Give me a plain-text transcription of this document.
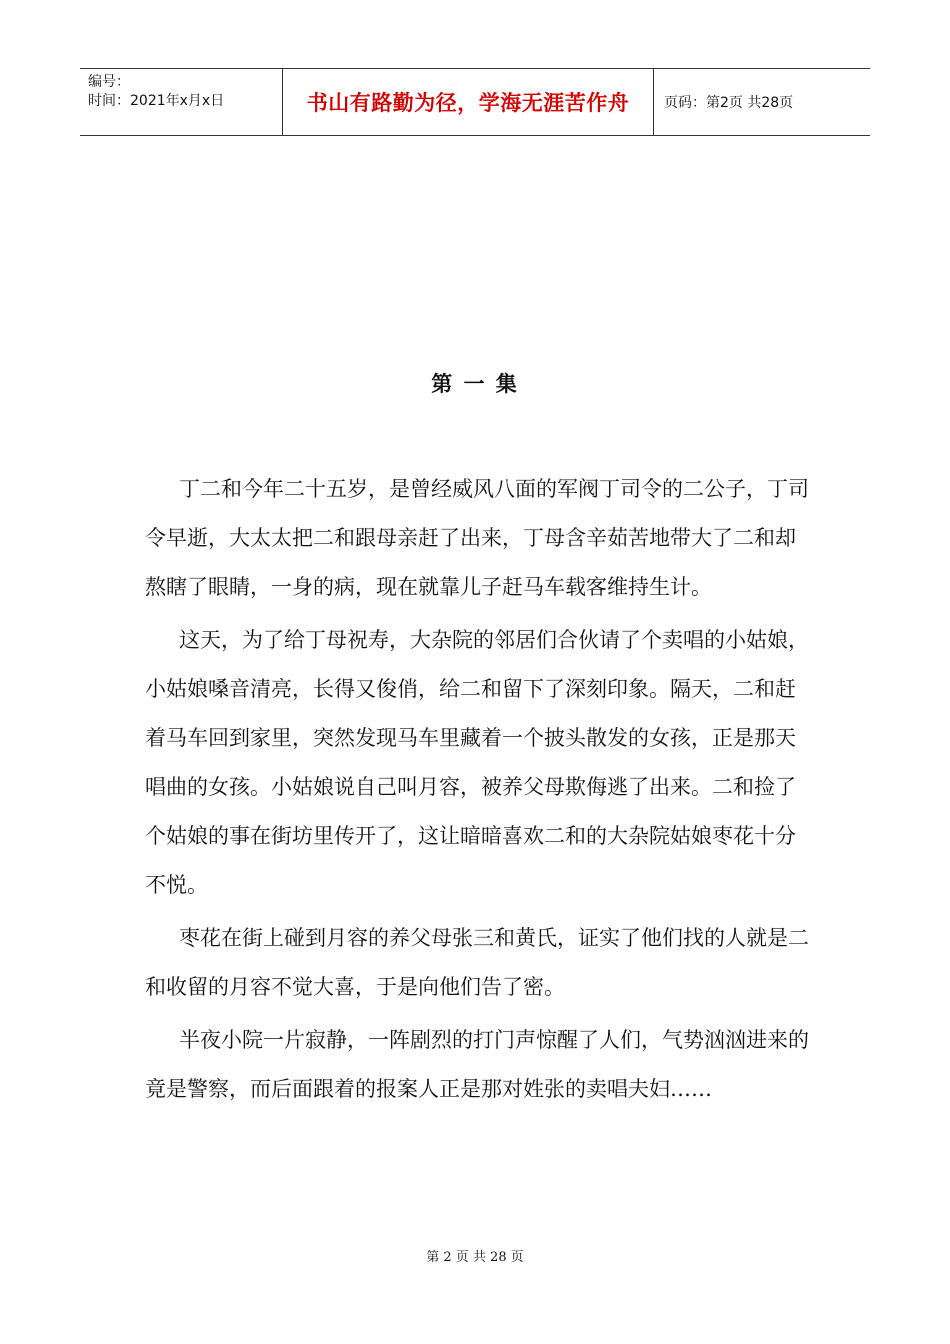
编号：
时间：2021年x月x日	书山有路勤为径，学海无涯苦作舟	页码：第2页 共28页
第 一 集

丁二和今年二十五岁，是曾经威风八面的军阀丁司令的二公子，丁司令早逝，大太太把二和跟母亲赶了出来，丁母含辛茹苦地带大了二和却熬瞎了眼睛，一身的病，现在就靠儿子赶马车载客维持生计。

这天，为了给丁母祝寿，大杂院的邻居们合伙请了个卖唱的小姑娘，小姑娘嗓音清亮，长得又俊俏，给二和留下了深刻印象。隔天，二和赶着马车回到家里，突然发现马车里藏着一个披头散发的女孩，正是那天唱曲的女孩。小姑娘说自己叫月容，被养父母欺侮逃了出来。二和捡了个姑娘的事在街坊里传开了，这让暗暗喜欢二和的大杂院姑娘枣花十分不悦。

枣花在街上碰到月容的养父母张三和黄氏，证实了他们找的人就是二和收留的月容不觉大喜，于是向他们告了密。

半夜小院一片寂静，一阵剧烈的打门声惊醒了人们，气势汹汹进来的竟是警察，而后面跟着的报案人正是那对姓张的卖唱夫妇……

第 2 页 共 28 页
